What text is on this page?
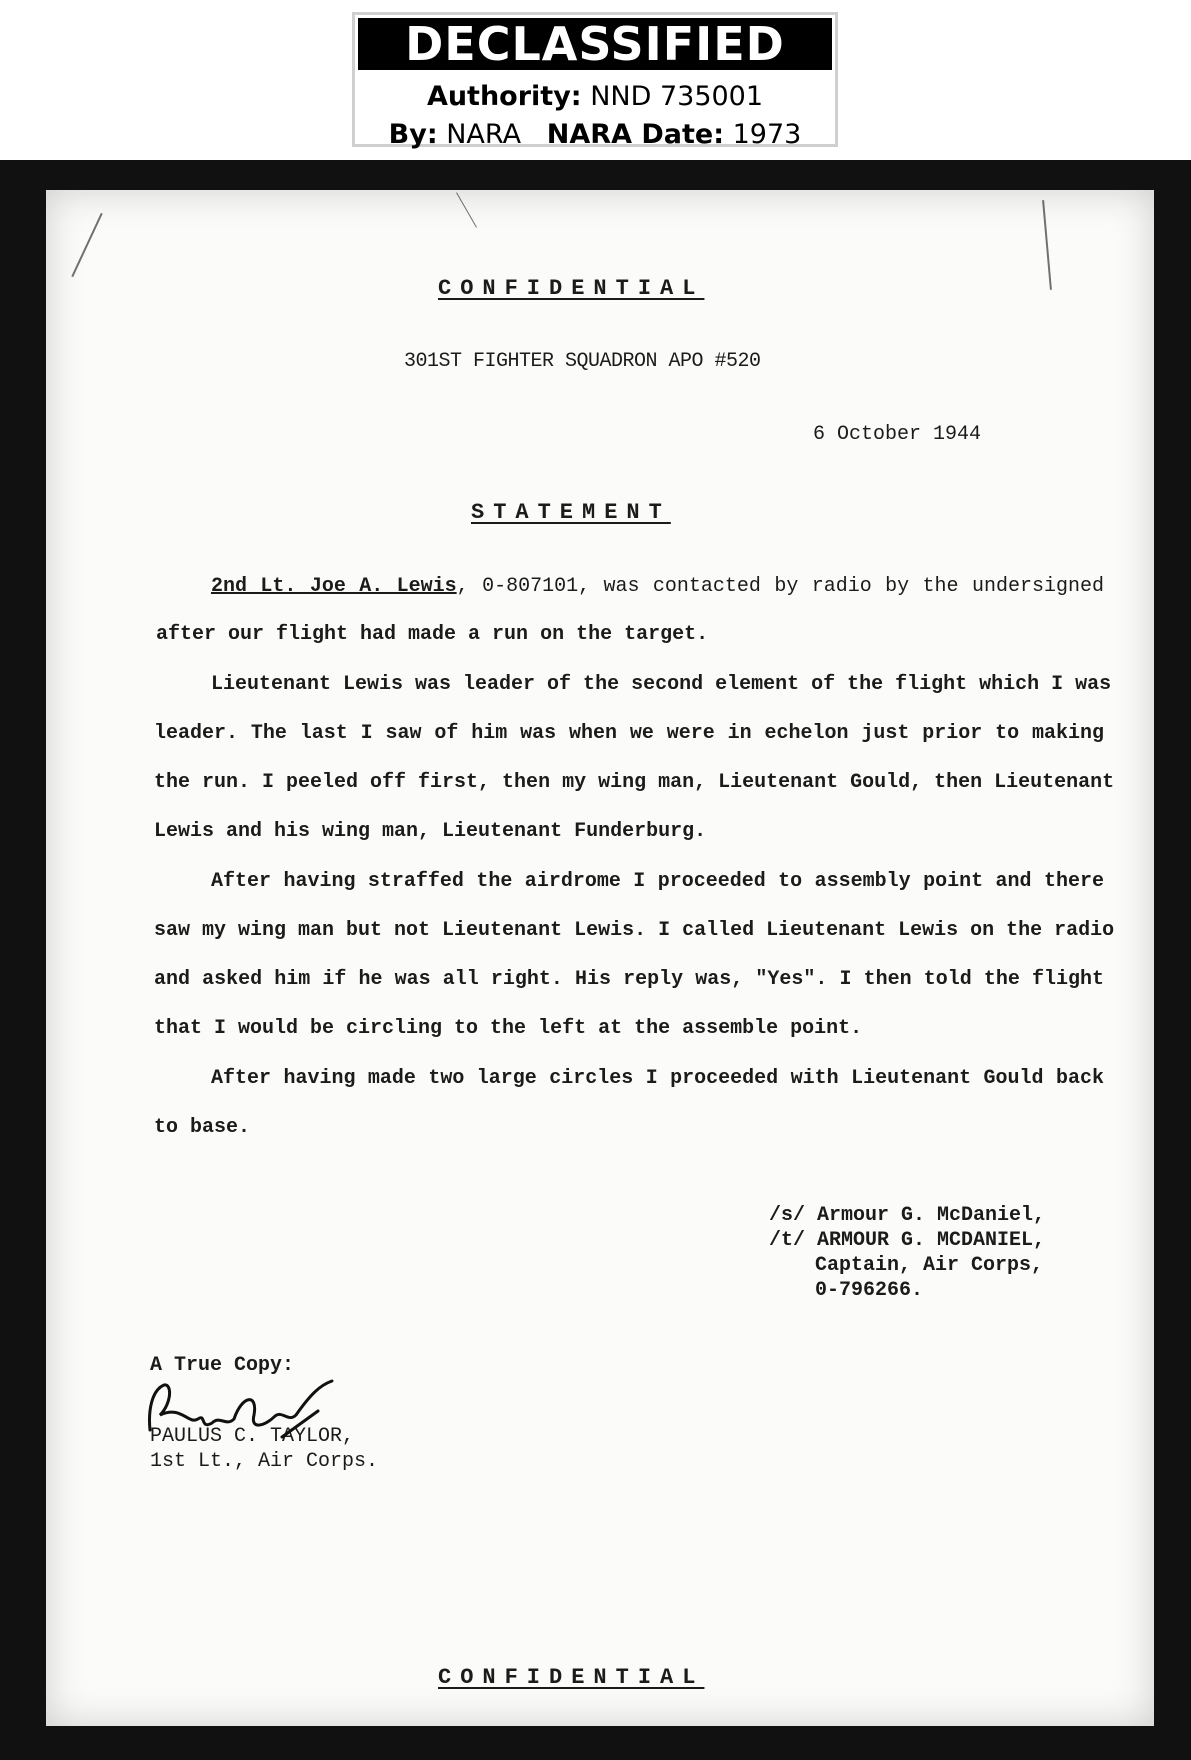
DECLASSIFIED
Authority: NND 735001
By: NARA NARA Date: 1973
CONFIDENTIAL
301ST FIGHTER SQUADRON APO #520
6 October 1944
STATEMENT
2nd Lt. Joe A. Lewis, 0-807101, was contacted by radio by the undersigned
after our flight had made a run on the target.
Lieutenant Lewis was leader of the second element of the flight which I was
leader. The last I saw of him was when we were in echelon just prior to making
the run. I peeled off first, then my wing man, Lieutenant Gould, then Lieutenant
Lewis and his wing man, Lieutenant Funderburg.
After having straffed the airdrome I proceeded to assembly point and there
saw my wing man but not Lieutenant Lewis. I called Lieutenant Lewis on the radio
and asked him if he was all right. His reply was, "Yes". I then told the flight
that I would be circling to the left at the assemble point.
After having made two large circles I proceeded with Lieutenant Gould back
to base.
/s/ Armour G. McDaniel,
/t/ ARMOUR G. MCDANIEL,
Captain, Air Corps,
0-796266.
A True Copy:
PAULUS C. TAYLOR,
1st Lt., Air Corps.
CONFIDENTIAL
